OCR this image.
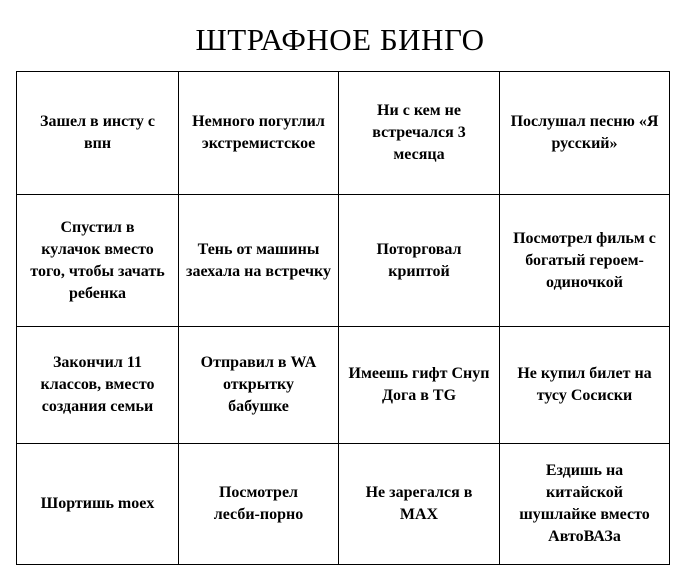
ШТРАФНОЕ БИНГО
Зашел в инсту с впн	Немного погуглил экстремистское	Ни с кем не встречался 3 месяца	Послушал песню «Я русский»
Спустил в кулачок вместо того, чтобы зачать ребенка	Тень от машины заехала на встречку	Поторговал криптой	Посмотрел фильм с богатый героем-одиночкой
Закончил 11 классов, вместо создания семьи	Отправил в WA открытку бабушке	Имеешь гифт Снуп Дога в TG	Не купил билет на тусу Сосиски
Шортишь moex	Посмотрел лесби-порно	Не зарегался в MAX	Ездишь на китайской шушлайке вместо АвтоВАЗа
